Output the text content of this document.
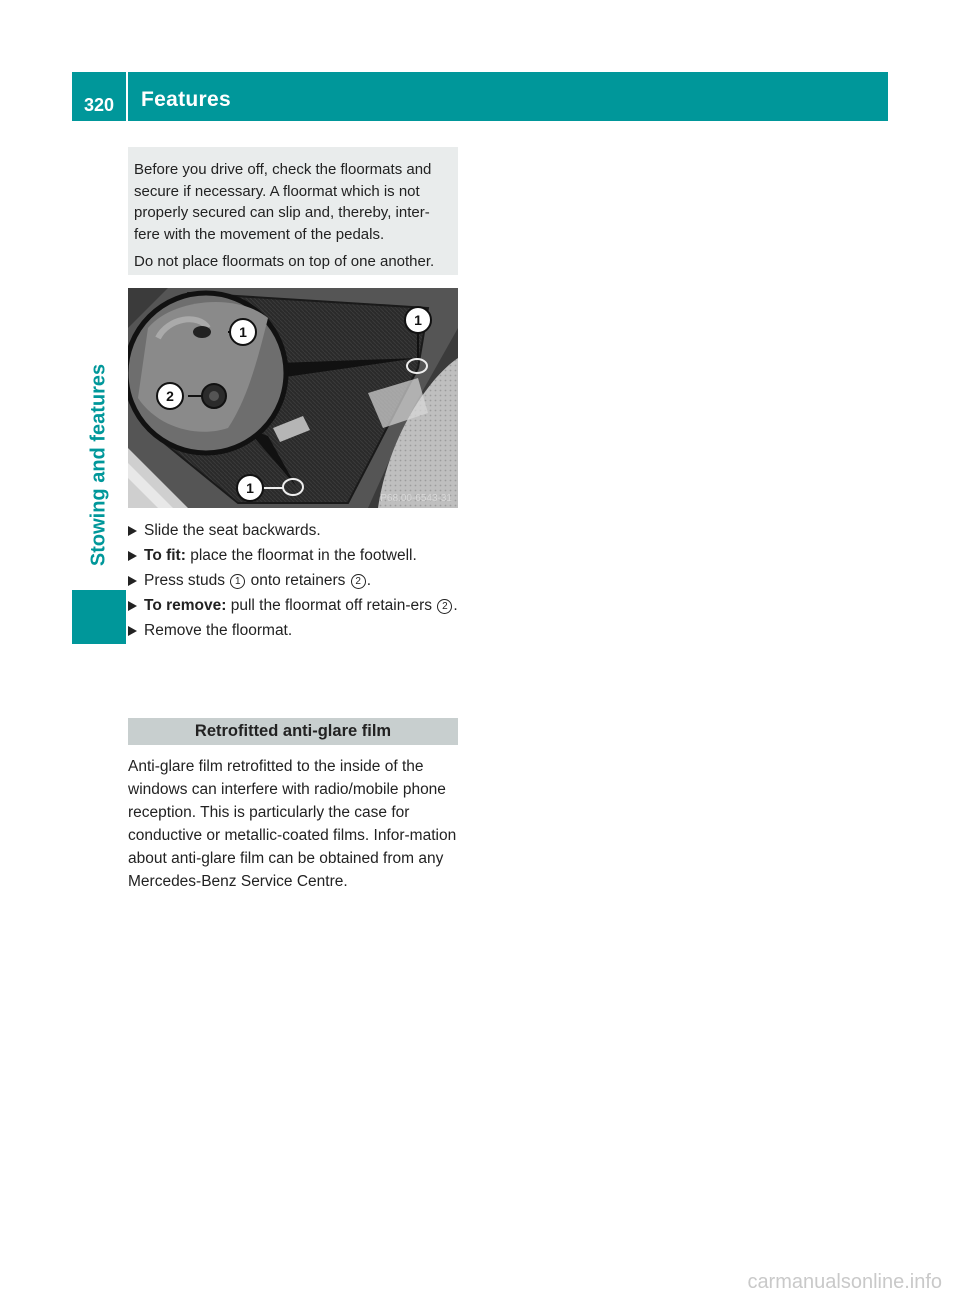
320	Features
Stowing and features

Before you drive off, check the floormats and secure if necessary. A floormat which is not properly secured can slip and, thereby, inter-fere with the movement of the pedals.

Do not place floormats on top of one another.

1
2
1
1
P68.00-6543-31
Slide the seat backwards.
To fit: place the floormat in the footwell.
Press studs 1 onto retainers 2 .
To remove: pull the floormat off retain-ers 2 .
Remove the floormat.
Retrofitted anti-glare film

Anti-glare film retrofitted to the inside of the windows can interfere with radio/mobile phone reception. This is particularly the case for conductive or metallic-coated films. Infor-mation about anti-glare film can be obtained from any Mercedes-Benz Service Centre.

carmanualsonline.info
